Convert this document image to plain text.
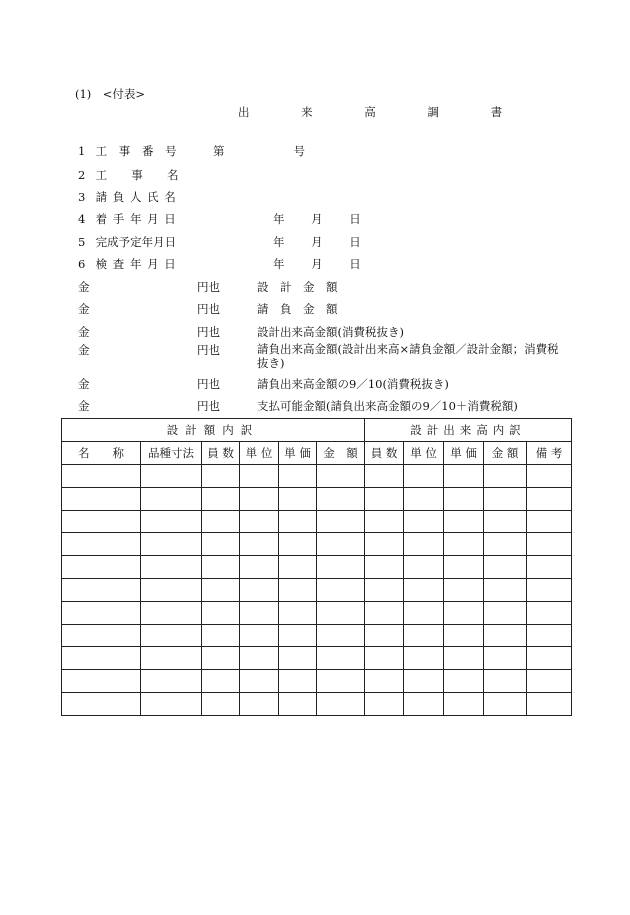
(1)　<付表>
出 来 高 調 書
1 工 事 番 号	第　　　　　　号
2 工　 事 　名
3 請 負 人 氏 名
4 着 手 年 月 日	年　 　月　 　日
5 完成予定年月日	年　 　月　 　日
6 検 査 年 月 日	年　 　月　 　日
金	円也	設　計　金　額
金	円也	請　負　金　額
金	円也	設計出来高金額(消費税抜き)
金	円也	請負出来高金額(設計出来高×請負金額／設計金額；消費税抜き)
金	円也	請負出来高金額の9／10(消費税抜き)
金	円也	支払可能金額(請負出来高金額の9／10＋消費税額)
設計額内訳						設計出来高内訳				
名　　称	品種寸法	員 数	単 位	単 価	金　額	員 数	単 位	単 価	金 額	備 考
